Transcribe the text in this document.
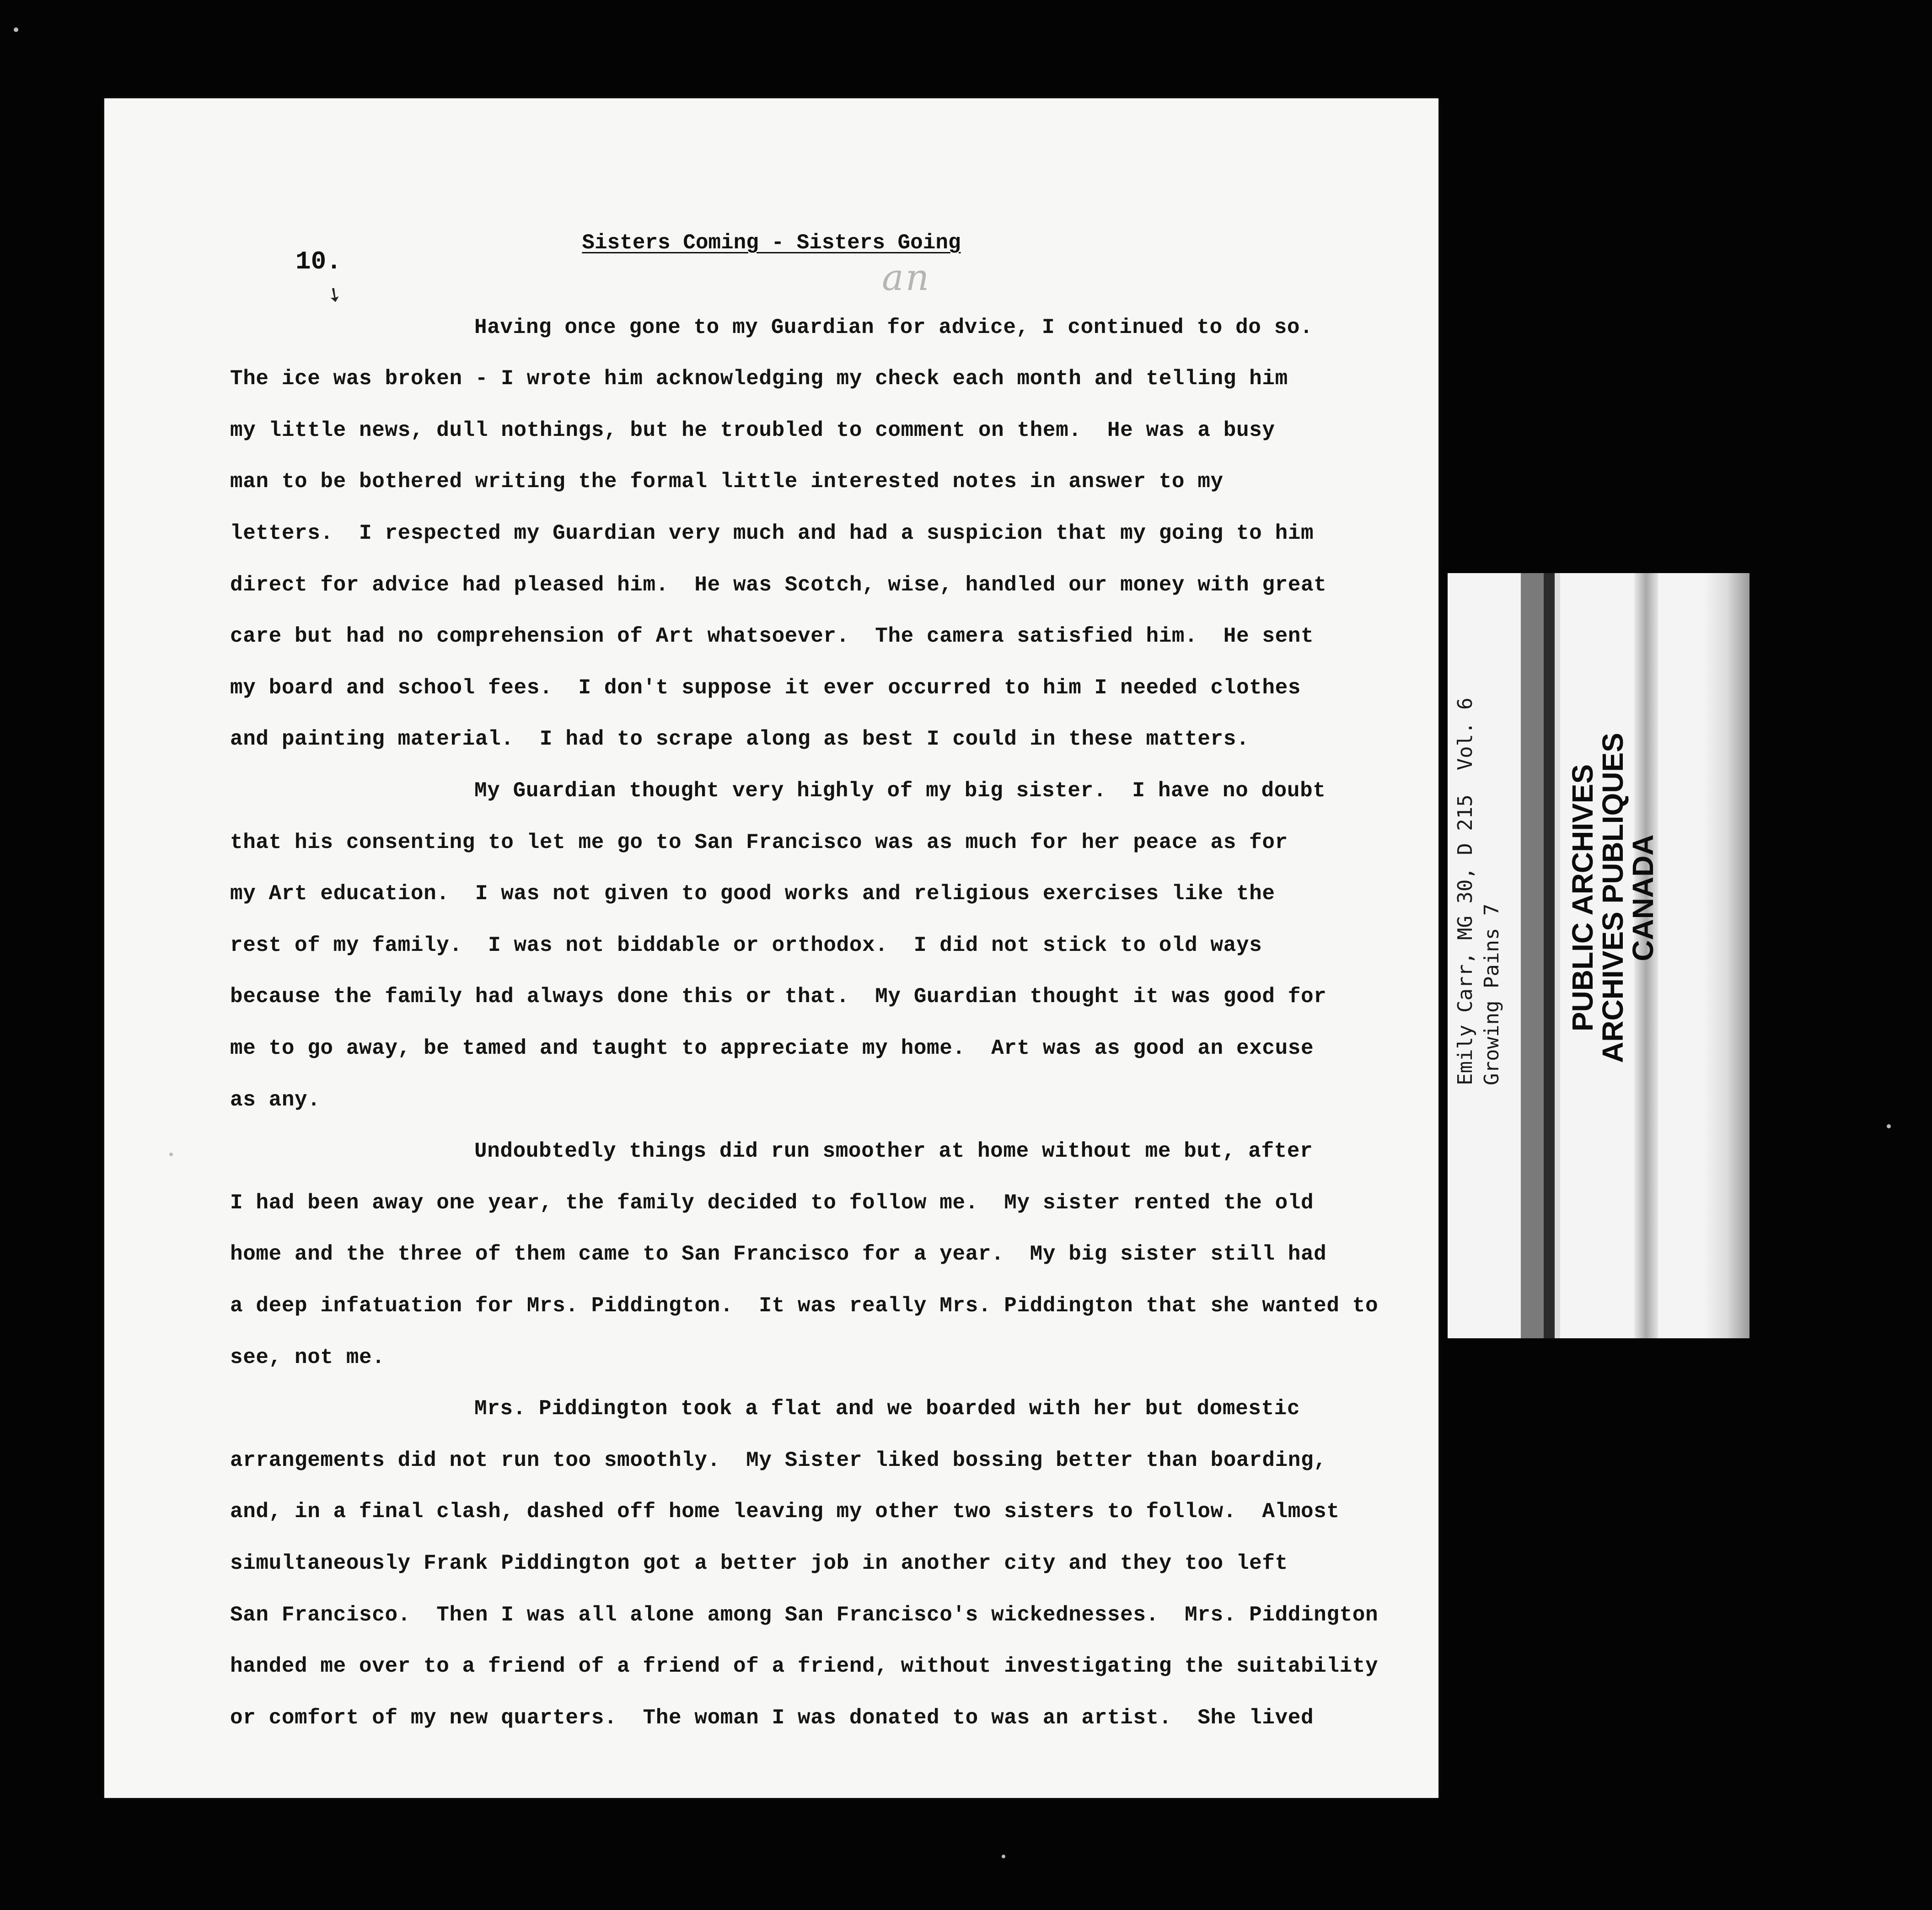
10.	an
➘
Sisters Coming - Sisters Going
Having once gone to my Guardian for advice, I continued to do so.
The ice was broken - I wrote him acknowledging my check each month and telling him
my little news, dull nothings, but he troubled to comment on them.  He was a busy
man to be bothered writing the formal little interested notes in answer to my
letters.  I respected my Guardian very much and had a suspicion that my going to him
direct for advice had pleased him.  He was Scotch, wise, handled our money with great
care but had no comprehension of Art whatsoever.  The camera satisfied him.  He sent
my board and school fees.  I don't suppose it ever occurred to him I needed clothes
and painting material.  I had to scrape along as best I could in these matters.
My Guardian thought very highly of my big sister.  I have no doubt
that his consenting to let me go to San Francisco was as much for her peace as for
my Art education.  I was not given to good works and religious exercises like the
rest of my family.  I was not biddable or orthodox.  I did not stick to old ways
because the family had always done this or that.  My Guardian thought it was good for
me to go away, be tamed and taught to appreciate my home.  Art was as good an excuse
as any.
Undoubtedly things did run smoother at home without me but, after
I had been away one year, the family decided to follow me.  My sister rented the old
home and the three of them came to San Francisco for a year.  My big sister still had
a deep infatuation for Mrs. Piddington.  It was really Mrs. Piddington that she wanted to
see, not me.
Mrs. Piddington took a flat and we boarded with her but domestic
arrangements did not run too smoothly.  My Sister liked bossing better than boarding,
and, in a final clash, dashed off home leaving my other two sisters to follow.  Almost
simultaneously Frank Piddington got a better job in another city and they too left
San Francisco.  Then I was all alone among San Francisco's wickednesses.  Mrs. Piddington
handed me over to a friend of a friend of a friend, without investigating the suitability
or comfort of my new quarters.  The woman I was donated to was an artist.  She lived
Emily Carr, MG 30, D 215  Vol. 6 Growing Pains 7 PUBLIC ARCHIVES
ARCHIVES PUBLIQUES
CANADA
